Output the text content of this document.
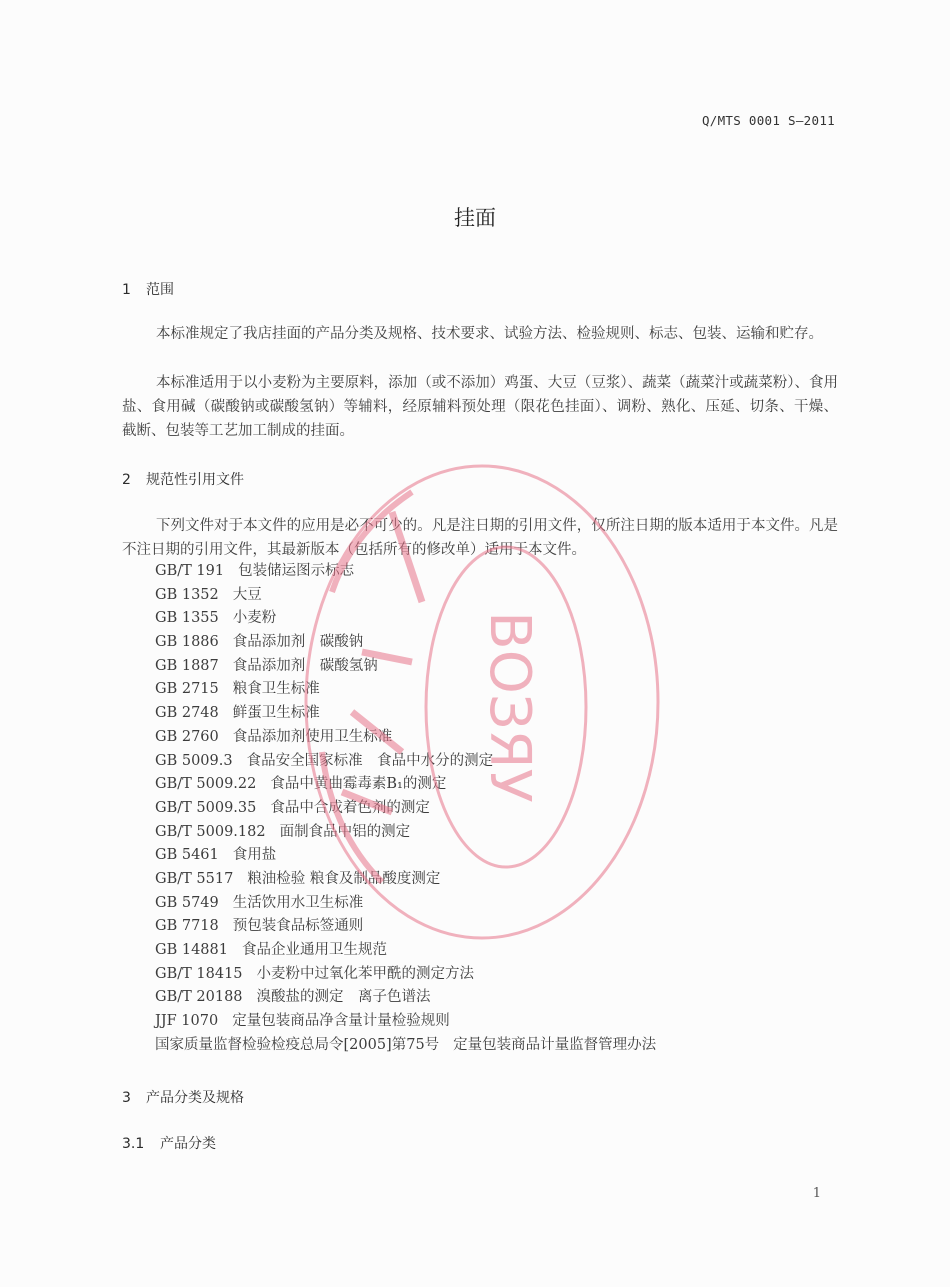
Q/MTS 0001 S—2011
挂面
1 范围

本标准规定了我店挂面的产品分类及规格、技术要求、试验方法、检验规则、标志、包装、运输和贮存。

本标准适用于以小麦粉为主要原料，添加（或不添加）鸡蛋、大豆（豆浆）、蔬菜（蔬菜汁或蔬菜粉）、食用盐、食用碱（碳酸钠或碳酸氢钠）等辅料，经原辅料预处理（限花色挂面）、调粉、熟化、压延、切条、干燥、截断、包装等工艺加工制成的挂面。

2 规范性引用文件

下列文件对于本文件的应用是必不可少的。凡是注日期的引用文件，仅所注日期的版本适用于本文件。凡是不注日期的引用文件，其最新版本（包括所有的修改单）适用于本文件。

GB/T 191 包装储运图示标志
GB 1352 大豆
GB 1355 小麦粉
GB 1886 食品添加剂　碳酸钠
GB 1887 食品添加剂　碳酸氢钠
GB 2715 粮食卫生标准
GB 2748 鲜蛋卫生标准
GB 2760 食品添加剂使用卫生标准
GB 5009.3 食品安全国家标准　食品中水分的测定
GB/T 5009.22 食品中黄曲霉毒素B₁的测定
GB/T 5009.35 食品中合成着色剂的测定
GB/T 5009.182 面制食品中铝的测定
GB 5461 食用盐
GB/T 5517 粮油检验 粮食及制品酸度测定
GB 5749 生活饮用水卫生标准
GB 7718 预包装食品标签通则
GB 14881 食品企业通用卫生规范
GB/T 18415 小麦粉中过氧化苯甲酰的测定方法
GB/T 20188 溴酸盐的测定　离子色谱法
JJF 1070 定量包装商品净含量计量检验规则
国家质量监督检验检疫总局令[2005]第75号 定量包装商品计量监督管理办法
3 产品分类及规格
3.1 产品分类
ВОЗЯУ
1
